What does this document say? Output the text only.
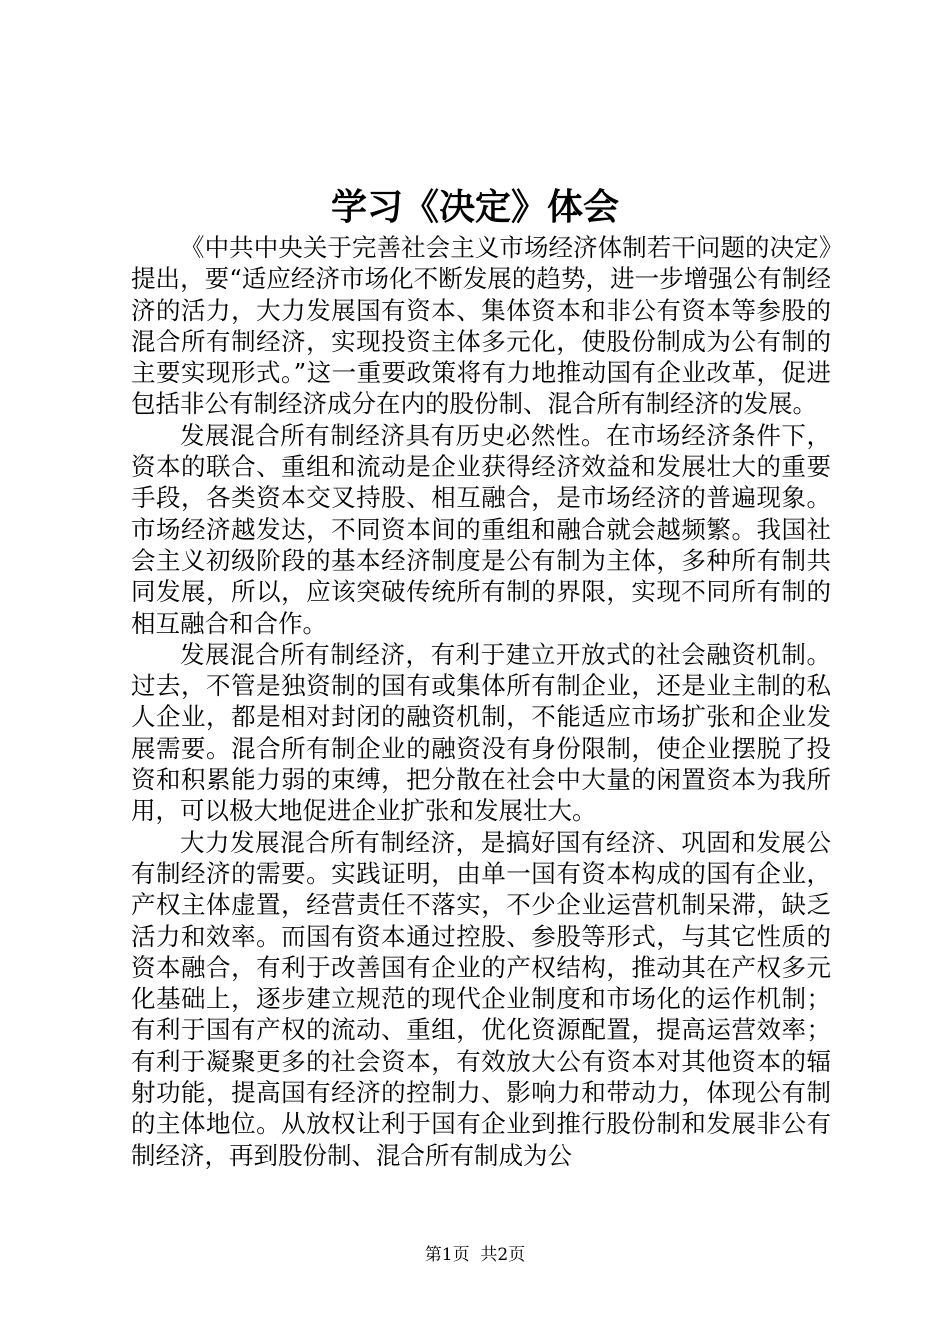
学习《决定》体会

《中共中央关于完善社会主义市场经济体制若干问题的决定》提出，要“适应经济市场化不断发展的趋势，进一步增强公有制经济的活力，大力发展国有资本、集体资本和非公有资本等参股的混合所有制经济，实现投资主体多元化，使股份制成为公有制的主要实现形式。”这一重要政策将有力地推动国有企业改革，促进包括非公有制经济成分在内的股份制、混合所有制经济的发展。

发展混合所有制经济具有历史必然性。在市场经济条件下，资本的联合、重组和流动是企业获得经济效益和发展壮大的重要手段，各类资本交叉持股、相互融合，是市场经济的普遍现象。市场经济越发达，不同资本间的重组和融合就会越频繁。我国社会主义初级阶段的基本经济制度是公有制为主体，多种所有制共同发展，所以，应该突破传统所有制的界限，实现不同所有制的相互融合和合作。

发展混合所有制经济，有利于建立开放式的社会融资机制。过去，不管是独资制的国有或集体所有制企业，还是业主制的私人企业，都是相对封闭的融资机制，不能适应市场扩张和企业发展需要。混合所有制企业的融资没有身份限制，使企业摆脱了投资和积累能力弱的束缚，把分散在社会中大量的闲置资本为我所用，可以极大地促进企业扩张和发展壮大。

大力发展混合所有制经济，是搞好国有经济、巩固和发展公有制经济的需要。实践证明，由单一国有资本构成的国有企业，产权主体虚置，经营责任不落实，不少企业运营机制呆滞，缺乏活力和效率。而国有资本通过控股、参股等形式，与其它性质的资本融合，有利于改善国有企业的产权结构，推动其在产权多元化基础上，逐步建立规范的现代企业制度和市场化的运作机制；有利于国有产权的流动、重组，优化资源配置，提高运营效率；有利于凝聚更多的社会资本，有效放大公有资本对其他资本的辐射功能，提高国有经济的控制力、影响力和带动力，体现公有制的主体地位。从放权让利于国有企业到推行股份制和发展非公有制经济，再到股份制、混合所有制成为公

第1页 共2页
